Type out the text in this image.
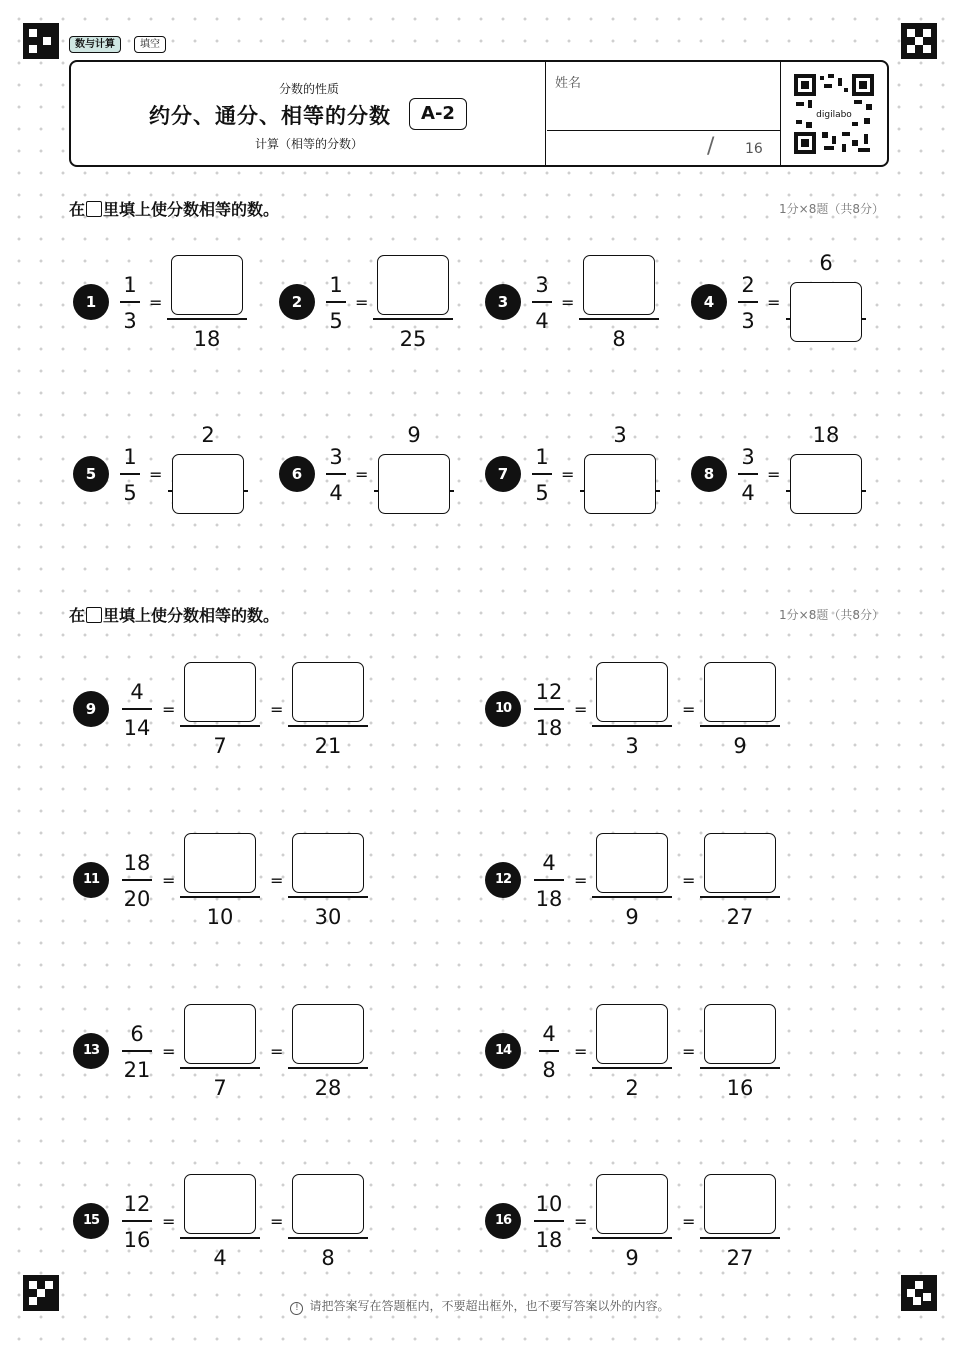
数与计算	填空
分数的性质
约分、通分、相等的分数	A-2
计算（相等的分数）
姓名
/ 16
digilabo
在 里填上使分数相等的数。	1分×8题（共8分）
在 里填上使分数相等的数。	1分×8题（共8分）
1
1
3
=
18
2
1
5
=
25
3
3
4
=
8
4
2
3
=
6
5
1
5
=
2
6
3
4
=
9
7
1
5
=
3
8
3
4
=
18
9
4
14
=
7
=
21
10
12
18
=
3
=
9
11
18
20
=
10
=
30
12
4
18
=
9
=
27
13
6
21
=
7
=
28
14
4
8
=
2
=
16
15
12
16
=
4
=
8
16
10
18
=
9
=
27
! 请把答案写在答题框内，不要超出框外，也不要写答案以外的内容。
